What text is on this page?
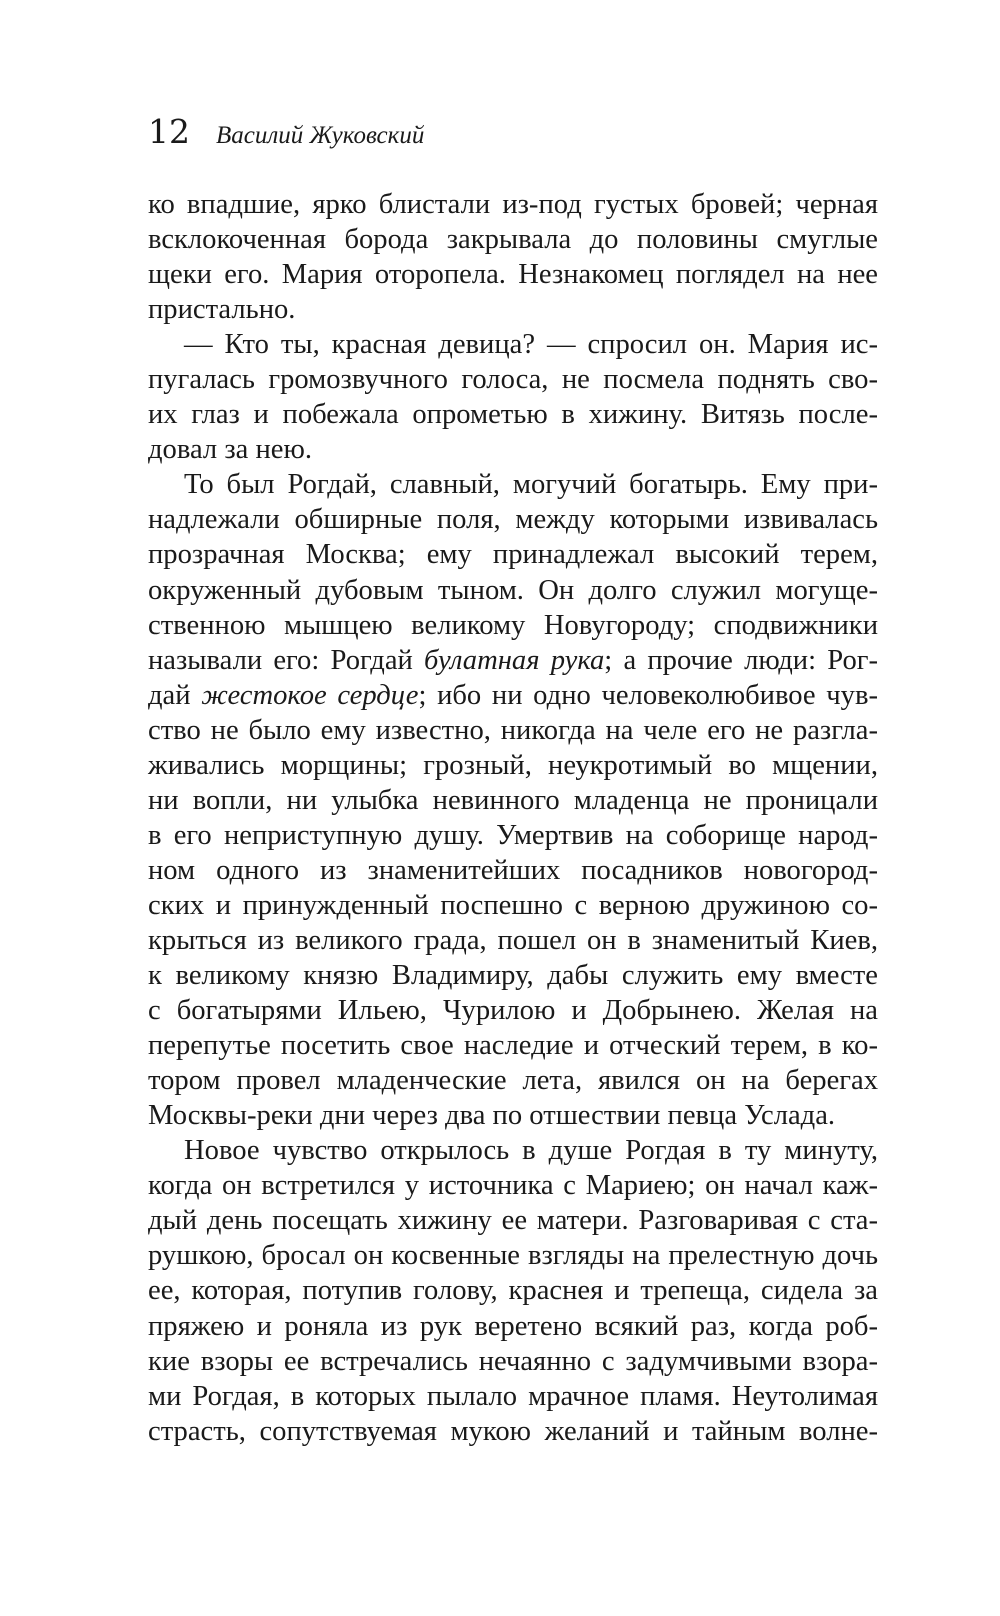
12 Василий Жуковский
ко впадшие, ярко блистали из-под густых бровей; черная
всклокоченная борода закрывала до половины смуглые
щеки его. Мария оторопела. Незнакомец поглядел на нее
пристально.
— Кто ты, красная девица? — спросил он. Мария ис-
пугалась громозвучного голоса, не посмела поднять сво-
их глаз и побежала опрометью в хижину. Витязь после-
довал за нею.
То был Рогдай, славный, могучий богатырь. Ему при-
надлежали обширные поля, между которыми извивалась
прозрачная Москва; ему принадлежал высокий терем,
окруженный дубовым тыном. Он долго служил могуще-
ственною мышцею великому Новугороду; сподвижники
называли его: Рогдай булатная рука; а прочие люди: Рог-
дай жестокое сердце; ибо ни одно человеколюбивое чув-
ство не было ему известно, никогда на челе его не разгла-
живались морщины; грозный, неукротимый во мщении,
ни вопли, ни улыбка невинного младенца не проницали
в его неприступную душу. Умертвив на соборище народ-
ном одного из знаменитейших посадников новогород-
ских и принужденный поспешно с верною дружиною со-
крыться из великого града, пошел он в знаменитый Киев,
к великому князю Владимиру, дабы служить ему вместе
с богатырями Ильею, Чурилою и Добрынею. Желая на
перепутье посетить свое наследие и отческий терем, в ко-
тором провел младенческие лета, явился он на берегах
Москвы-реки дни через два по отшествии певца Услада.
Новое чувство открылось в душе Рогдая в ту минуту,
когда он встретился у источника с Мариею; он начал каж-
дый день посещать хижину ее матери. Разговаривая с ста-
рушкою, бросал он косвенные взгляды на прелестную дочь
ее, которая, потупив голову, краснея и трепеща, сидела за
пряжею и роняла из рук веретено всякий раз, когда роб-
кие взоры ее встречались нечаянно с задумчивыми взора-
ми Рогдая, в которых пылало мрачное пламя. Неутолимая
страсть, сопутствуемая мукою желаний и тайным волне-
